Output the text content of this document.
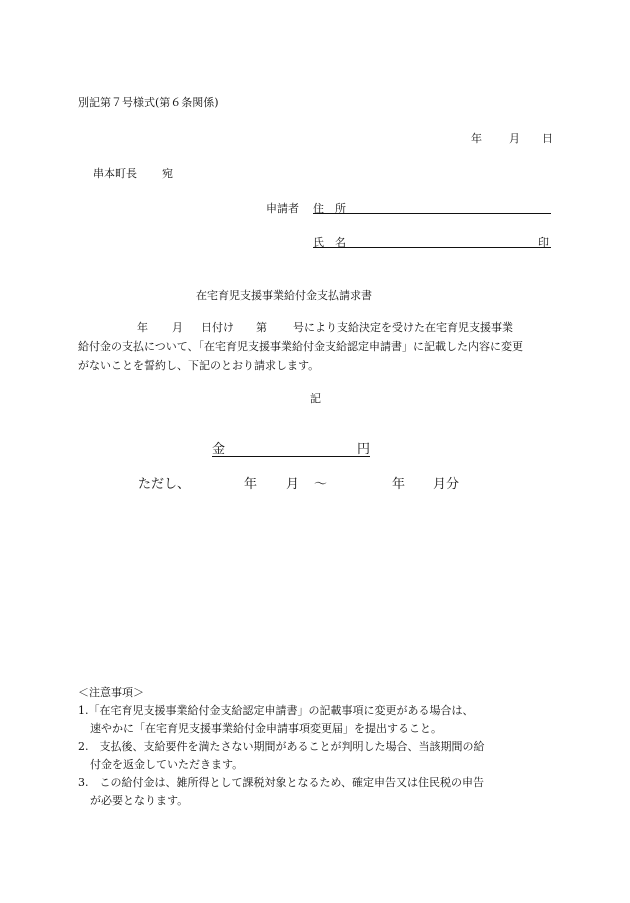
別記第７号様式(第６条関係)
年 月 日
串本町長 宛
申請者 住　所
氏　名	印
在宅育児支援事業給付金支払請求書

年 月 日付け 第 号により支給決定を受けた在宅育児支援事業

給付金の支払について、「在宅育児支援事業給付金支給認定申請書」に記載した内容に変更

がないことを誓約し、下記のとおり請求します。

記
金	円
ただし、	年 月 ～	年 月分

＜注意事項＞

1.「在宅育児支援事業給付金支給認定申請書」の記載事項に変更がある場合は、

速やかに「在宅育児支援事業給付金申請事項変更届」を提出すること。

2.　支払後、支給要件を満たさない期間があることが判明した場合、当該期間の給

付金を返金していただきます。

3.　この給付金は、雑所得として課税対象となるため、確定申告又は住民税の申告

が必要となります。
